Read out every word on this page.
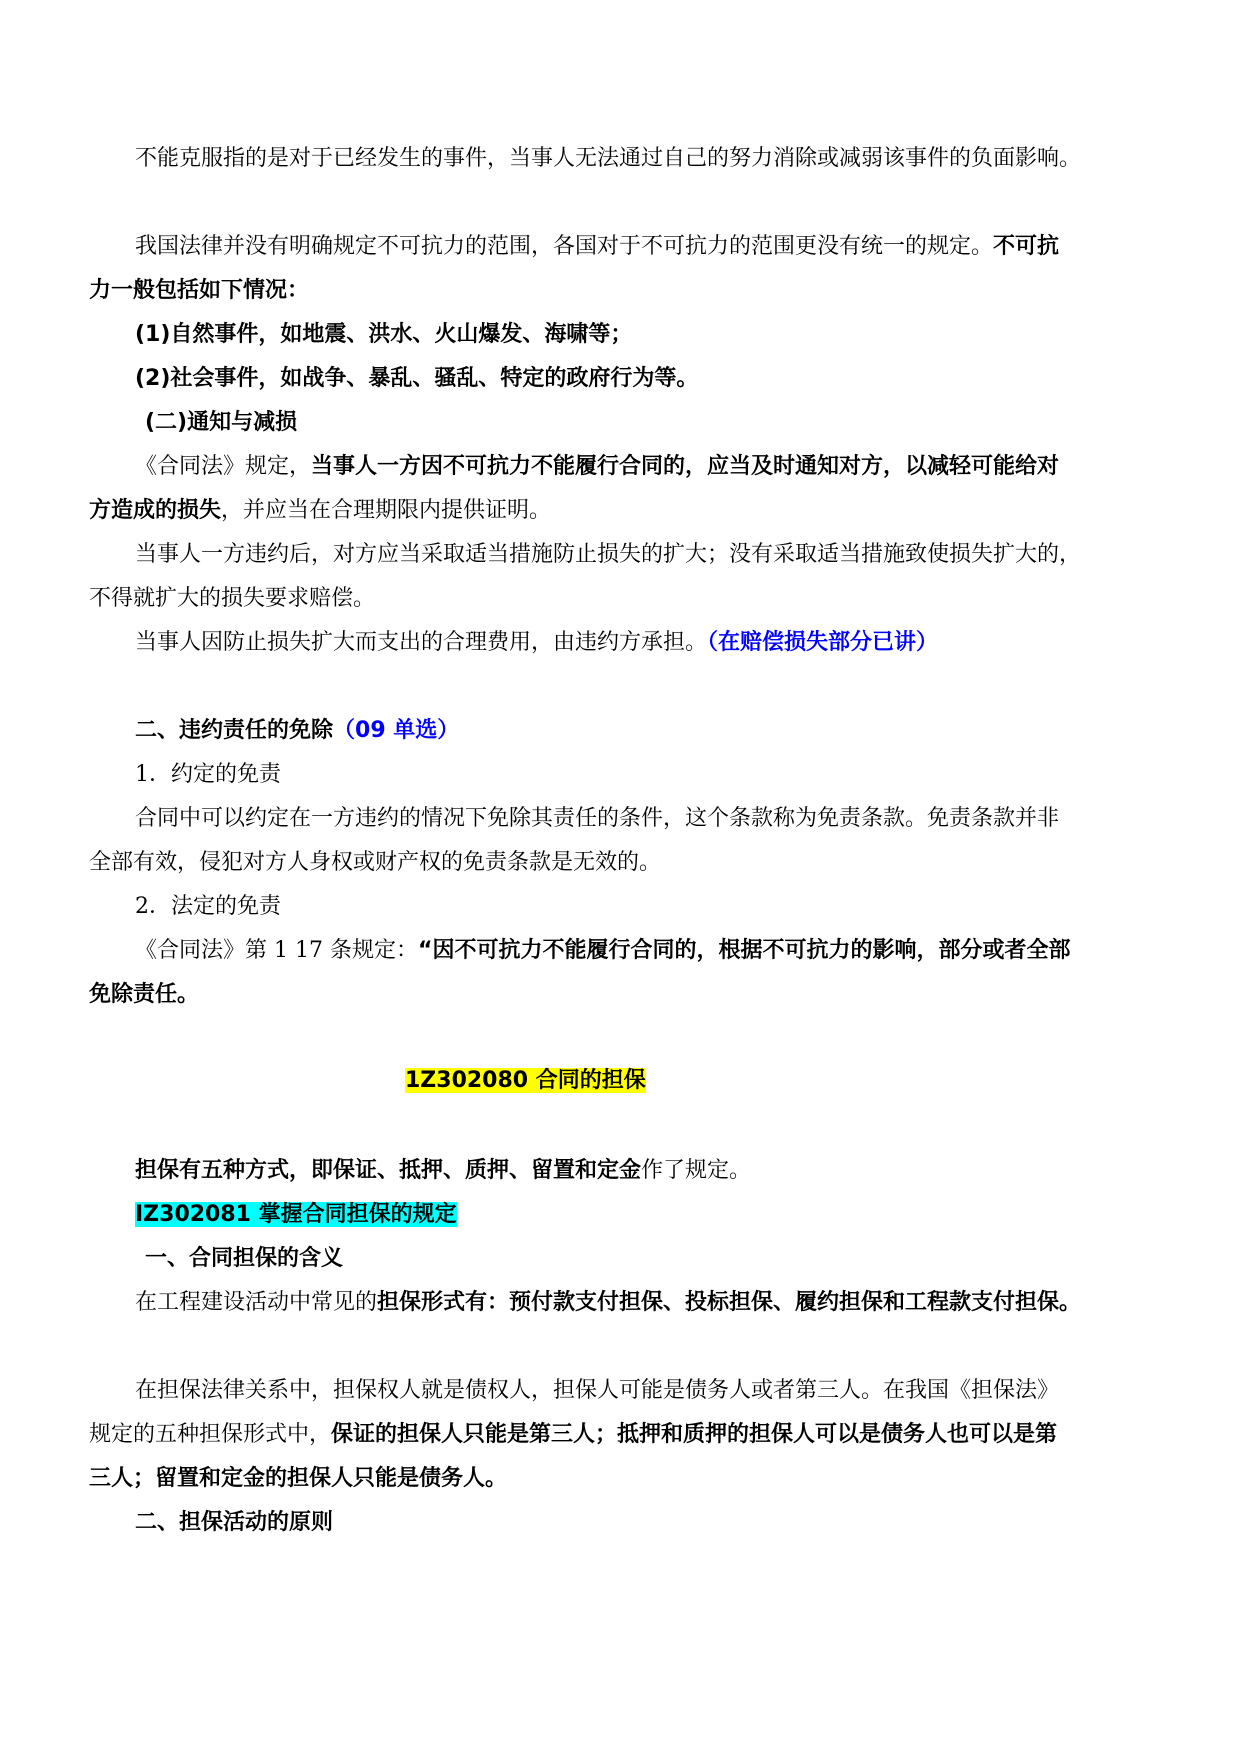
不能克服指的是对于已经发生的事件，当事人无法通过自己的努力消除或减弱该事件的负面影响。
我国法律并没有明确规定不可抗力的范围，各国对于不可抗力的范围更没有统一的规定。不可抗
力一般包括如下情况：
(1)自然事件，如地震、洪水、火山爆发、海啸等；
(2)社会事件，如战争、暴乱、骚乱、特定的政府行为等。
(二)通知与减损
《合同法》规定，当事人一方因不可抗力不能履行合同的，应当及时通知对方，以减轻可能给对
方造成的损失，并应当在合理期限内提供证明。
当事人一方违约后，对方应当采取适当措施防止损失的扩大；没有采取适当措施致使损失扩大的，
不得就扩大的损失要求赔偿。
当事人因防止损失扩大而支出的合理费用，由违约方承担。（在赔偿损失部分已讲）
二、违约责任的免除（09 单选）
1．约定的免责
合同中可以约定在一方违约的情况下免除其责任的条件，这个条款称为免责条款。免责条款并非
全部有效，侵犯对方人身权或财产权的免责条款是无效的。
2．法定的免责
《合同法》第 1 17 条规定：“因不可抗力不能履行合同的，根据不可抗力的影响，部分或者全部
免除责任。
1Z302080 合同的担保
担保有五种方式，即保证、抵押、质押、留置和定金作了规定。
IZ302081 掌握合同担保的规定
一、合同担保的含义
在工程建设活动中常见的担保形式有：预付款支付担保、投标担保、履约担保和工程款支付担保。
在担保法律关系中，担保权人就是债权人，担保人可能是债务人或者第三人。在我国《担保法》
规定的五种担保形式中，保证的担保人只能是第三人；抵押和质押的担保人可以是债务人也可以是第
三人；留置和定金的担保人只能是债务人。
二、担保活动的原则
